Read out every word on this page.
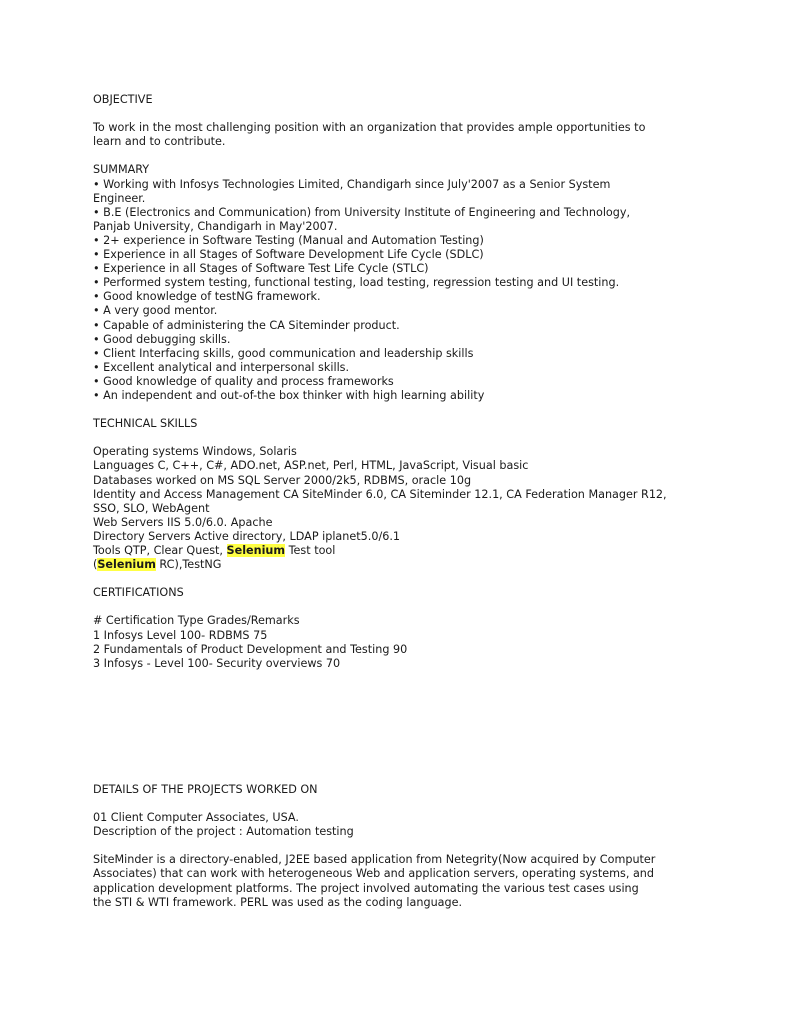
OBJECTIVE
To work in the most challenging position with an organization that provides ample opportunities to
learn and to contribute.
SUMMARY
• Working with Infosys Technologies Limited, Chandigarh since July'2007 as a Senior System
Engineer.
• B.E (Electronics and Communication) from University Institute of Engineering and Technology,
Panjab University, Chandigarh in May'2007.
• 2+ experience in Software Testing (Manual and Automation Testing)
• Experience in all Stages of Software Development Life Cycle (SDLC)
• Experience in all Stages of Software Test Life Cycle (STLC)
• Performed system testing, functional testing, load testing, regression testing and UI testing.
• Good knowledge of testNG framework.
• A very good mentor.
• Capable of administering the CA Siteminder product.
• Good debugging skills.
• Client Interfacing skills, good communication and leadership skills
• Excellent analytical and interpersonal skills.
• Good knowledge of quality and process frameworks
• An independent and out-of-the box thinker with high learning ability
TECHNICAL SKILLS
Operating systems Windows, Solaris
Languages C, C++, C#, ADO.net, ASP.net, Perl, HTML, JavaScript, Visual basic
Databases worked on MS SQL Server 2000/2k5, RDBMS, oracle 10g
Identity and Access Management CA SiteMinder 6.0, CA Siteminder 12.1, CA Federation Manager R12,
SSO, SLO, WebAgent
Web Servers IIS 5.0/6.0. Apache
Directory Servers Active directory, LDAP iplanet5.0/6.1
Tools QTP, Clear Quest, Selenium Test tool
(Selenium RC),TestNG
CERTIFICATIONS
# Certification Type Grades/Remarks
1 Infosys Level 100- RDBMS 75
2 Fundamentals of Product Development and Testing 90
3 Infosys - Level 100- Security overviews 70
DETAILS OF THE PROJECTS WORKED ON
01 Client Computer Associates, USA.
Description of the project : Automation testing
SiteMinder is a directory-enabled, J2EE based application from Netegrity(Now acquired by Computer
Associates) that can work with heterogeneous Web and application servers, operating systems, and
application development platforms. The project involved automating the various test cases using
the STI & WTI framework. PERL was used as the coding language.
